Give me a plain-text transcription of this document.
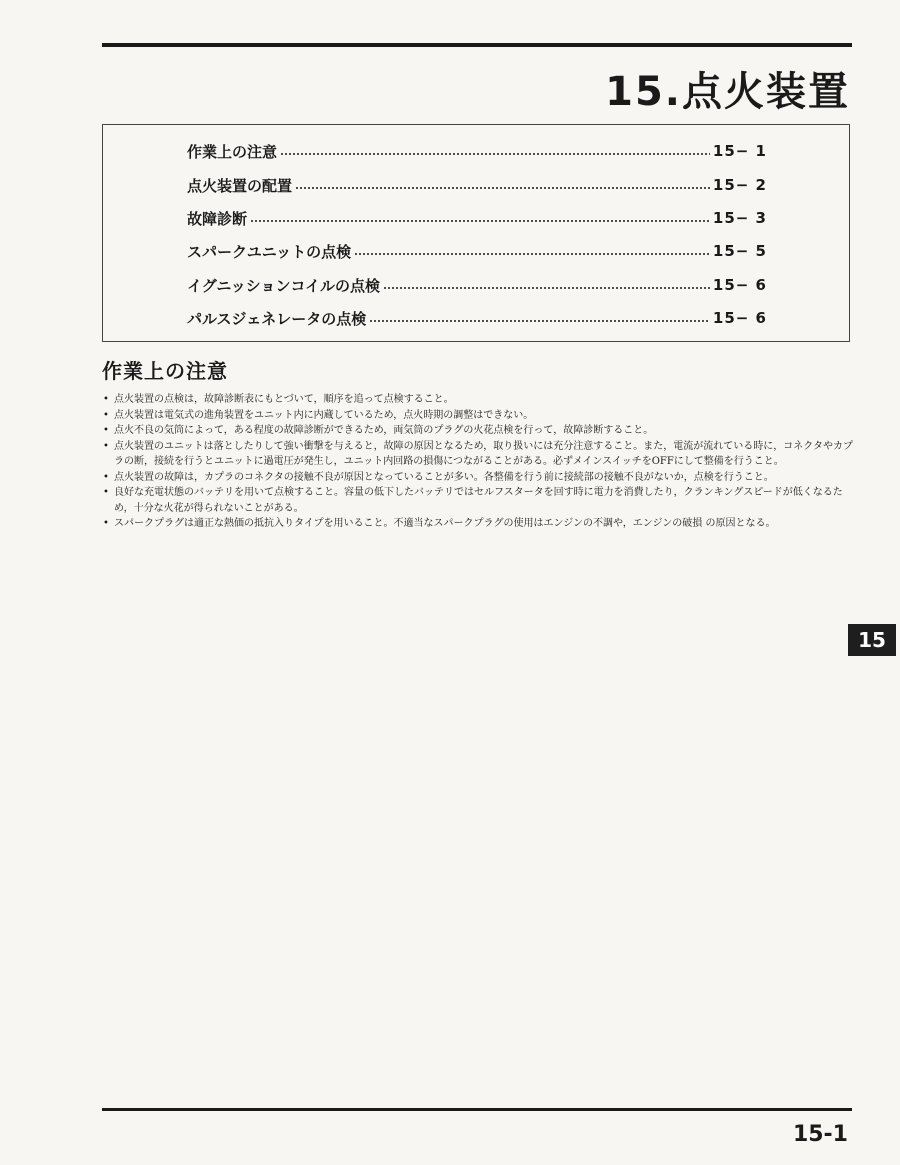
15.点火装置
作業上の注意	15− 1
点火装置の配置	15− 2
故障診断	15− 3
スパークユニットの点検	15− 5
イグニッションコイルの点検	15− 6
パルスジェネレータの点検	15− 6
作業上の注意
• 点火装置の点検は，故障診断表にもとづいて，順序を追って点検すること。
• 点火装置は電気式の進角装置をユニット内に内蔵しているため，点火時期の調整はできない。
• 点火不良の気筒によって，ある程度の故障診断ができるため，両気筒のプラグの火花点検を行って，故障診断すること。
• 点火装置のユニットは落としたりして強い衝撃を与えると，故障の原因となるため，取り扱いには充分注意すること。また，電流が流れている時に，コネクタやカプラの断，接続を行うとユニットに過電圧が発生し，ユニット内回路の損傷につながることがある。必ずメインスイッチをOFFにして整備を行うこと。
• 点火装置の故障は，カプラのコネクタの接触不良が原因となっていることが多い。各整備を行う前に接続部の接触不良がないか，点検を行うこと。
• 良好な充電状態のバッテリを用いて点検すること。容量の低下したバッテリではセルフスタータを回す時に電力を消費したり，クランキングスピードが低くなるため，十分な火花が得られないことがある。
• スパークプラグは適正な熱価の抵抗入りタイプを用いること。不適当なスパークプラグの使用はエンジンの不調や，エンジンの破損 の原因となる。
15
15-1
